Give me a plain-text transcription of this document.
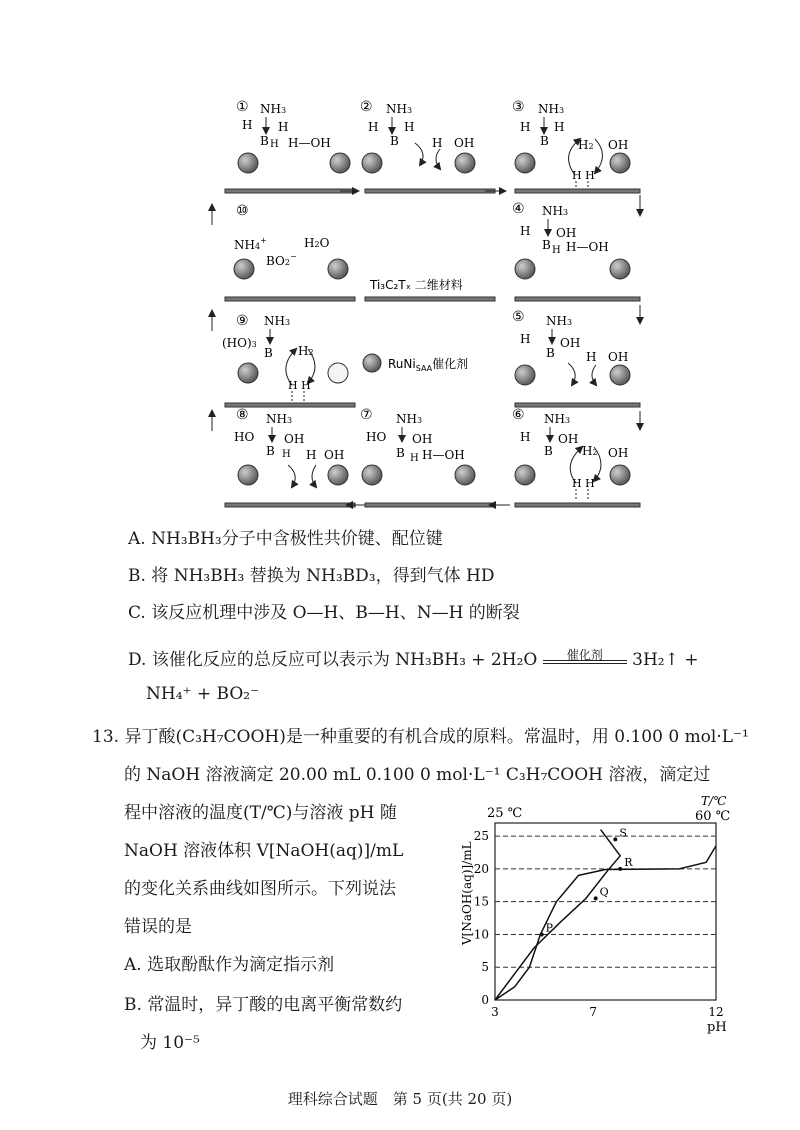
① NH3
H H
B H H—OH
② NH3
H H
B	H OH
③ NH3
H H
B H2 OH
H H
⑩
NH4+	H2O
BO2−
Ti₃C₂Tₓ 二维材料
④ NH3
H
B
OH
H H—OH
⑨ NH3
(HO)3
B H2
H H
RuNi$_{SAA}$催化剂
⑤ NH3
H
B
OH
H OH
⑧ NH3
HO OH
B H H OH
⑦ NH3
HO OH
B H H—OH
⑥ NH3
H
B
OH
H2 OH
H H
A. NH₃BH₃分子中含极性共价键、配位键
B. 将 NH₃BH₃ 替换为 NH₃BD₃，得到气体 HD
C. 该反应机理中涉及 O—H、B—H、N—H 的断裂
D. 该催化反应的总反应可以表示为 NH₃BH₃ + 2H₂O	催化剂	3H₂↑ +
NH₄⁺ + BO₂⁻
13. 异丁酸(C₃H₇COOH)是一种重要的有机合成的原料。常温时，用 0.100 0 mol·L⁻¹
的 NaOH 溶液滴定 20.00 mL 0.100 0 mol·L⁻¹ C₃H₇COOH 溶液，滴定过
程中溶液的温度(T/℃)与溶液 pH 随
NaOH 溶液体积 V[NaOH(aq)]/mL
的变化关系曲线如图所示。下列说法
错误的是
A. 选取酚酞作为滴定指示剂
B. 常温时，异丁酸的电离平衡常数约
为 10⁻⁵
25 ℃
T/℃
60 ℃
V[NaOH(aq)]/mL
pH
0
5
10
15
20
25
3	7	12
P
Q
R
S
理科综合试题　第 5 页(共 20 页)
